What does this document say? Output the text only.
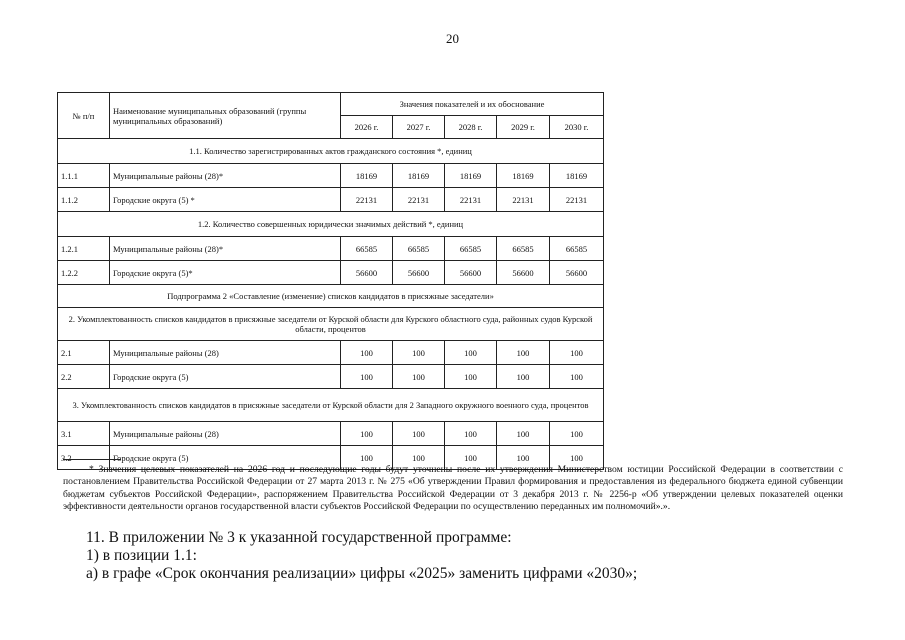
20
№ п/п	Наименование муниципальных образований (группы муниципальных образований)	Значения показателей и их обоснование				
		2026 г.	2027 г.	2028 г.	2029 г.	2030 г.
1.1. Количество зарегистрированных актов гражданского состояния *, единиц						
1.1.1	Муниципальные районы (28)*	18169	18169	18169	18169	18169
1.1.2	Городские округа (5) *	22131	22131	22131	22131	22131
1.2. Количество совершенных юридически значимых действий *, единиц						
1.2.1	Муниципальные районы (28)*	66585	66585	66585	66585	66585
1.2.2	Городские округа (5)*	56600	56600	56600	56600	56600
Подпрограмма 2 «Составление (изменение) списков кандидатов в присяжные заседатели»						
2. Укомплектованность списков кандидатов в присяжные заседатели от Курской области для Курского областного суда, районных судов Курской области, процентов						
2.1	Муниципальные районы (28)	100	100	100	100	100
2.2	Городские округа (5)	100	100	100	100	100
3. Укомплектованность списков кандидатов в присяжные заседатели от Курской области для 2 Западного окружного военного суда, процентов						
3.1	Муниципальные районы (28)	100	100	100	100	100
3.2	Городские округа (5)	100	100	100	100	100
* Значения целевых показателей на 2026 год и последующие годы будут уточнены после их утверждения Министерством юстиции Российской Федерации в соответствии с постановлением Правительства Российской Федерации от 27 марта 2013 г. № 275 «Об утверждении Правил формирования и предоставления из федерального бюджета единой субвенции бюджетам субъектов Российской Федерации», распоряжением Правительства Российской Федерации от 3 декабря 2013 г. № 2256-р «Об утверждении целевых показателей оценки эффективности деятельности органов государственной власти субъектов Российской Федерации по осуществлению переданных им полномочий».».
11. В приложении № 3 к указанной государственной программе:
1) в позиции 1.1:
а) в графе «Срок окончания реализации» цифры «2025» заменить цифрами «2030»;
